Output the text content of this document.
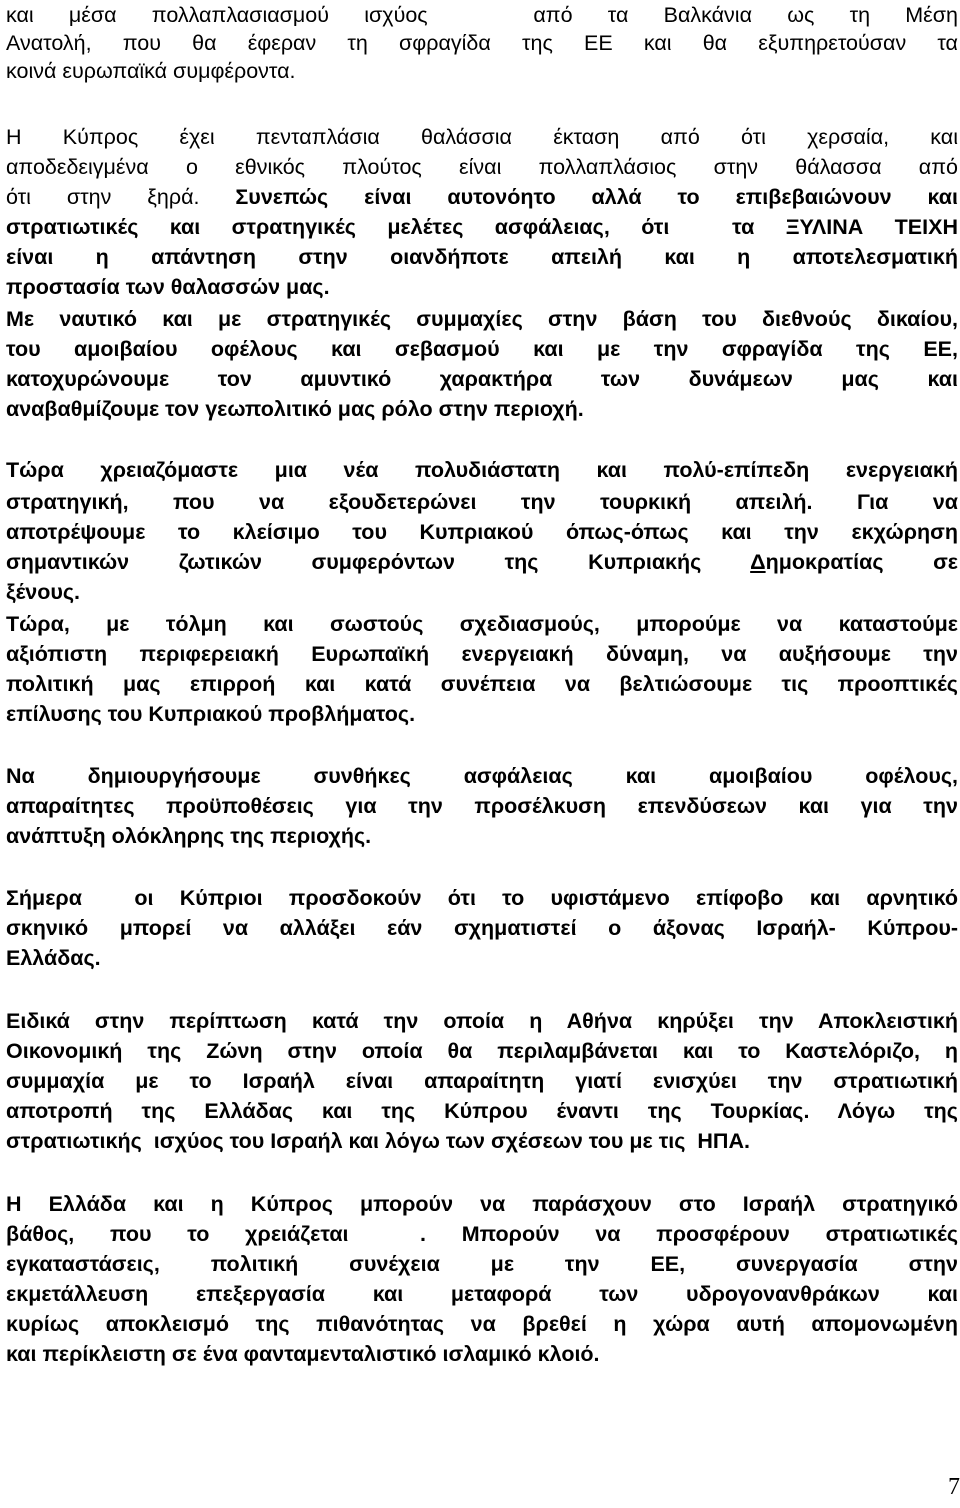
και μέσα πολλαπλασιασμού ισχύος   από τα Βαλκάνια ως τη Μέση
Ανατολή, που θα έφεραν τη σφραγίδα της ΕΕ και θα εξυπηρετούσαν τα
κοινά ευρωπαϊκά συμφέροντα.
Η Κύπρος έχει πενταπλάσια θαλάσσια έκταση από ότι χερσαία, και
αποδεδειγμένα ο εθνικός πλούτος είναι πολλαπλάσιος στην θάλασσα από
ότι στην ξηρά. Συνεπώς είναι αυτονόητο αλλά το επιβεβαιώνουν και
στρατιωτικές και στρατηγικές μελέτες ασφάλειας, ότι  τα ΞΥΛΙΝΑ ΤΕΙΧΗ
είναι η απάντηση στην οιανδήποτε απειλή και η αποτελεσματική
προστασία των θαλασσών μας.
Με ναυτικό και με στρατηγικές συμμαχίες στην βάση του διεθνούς δικαίου,
του αμοιβαίου οφέλους και σεβασμού και με την σφραγίδα της ΕΕ,
κατοχυρώνουμε τον αμυντικό χαρακτήρα των δυνάμεων μας και
αναβαθμίζουμε τον γεωπολιτικό μας ρόλο στην περιοχή.
Τώρα χρειαζόμαστε μια νέα πολυδιάστατη και πολύ-επίπεδη ενεργειακή
στρατηγική, που να εξουδετερώνει την τουρκική απειλή. Για να
αποτρέψουμε το κλείσιμο του Κυπριακού όπως-όπως και την εκχώρηση
σημαντικών ζωτικών συμφερόντων της Κυπριακής Δημοκρατίας σε
ξένους.
Τώρα, με τόλμη και σωστούς σχεδιασμούς, μπορούμε να καταστούμε
αξιόπιστη περιφερειακή Ευρωπαϊκή ενεργειακή δύναμη, να αυξήσουμε την
πολιτική μας επιρροή και κατά συνέπεια να βελτιώσουμε τις προοπτικές
επίλυσης του Κυπριακού προβλήματος.
Να δημιουργήσουμε συνθήκες ασφάλειας και αμοιβαίου οφέλους,
απαραίτητες προϋποθέσεις για την προσέλκυση επενδύσεων και για την
ανάπτυξη ολόκληρης της περιοχής.
Σήμερα  οι Κύπριοι προσδοκούν ότι το υφιστάμενο επίφοβο και αρνητικό
σκηνικό μπορεί να αλλάξει εάν σχηματιστεί ο άξονας Ισραήλ- Κύπρου-
Ελλάδας.
Ειδικά στην περίπτωση κατά την οποία η Αθήνα κηρύξει την Αποκλειστική
Οικονομική της Ζώνη στην οποία θα περιλαμβάνεται και το Καστελόριζο, η
συμμαχία με το Ισραήλ είναι απαραίτητη γιατί ενισχύει την στρατιωτική
αποτροπή της Ελλάδας και της Κύπρου έναντι της Τουρκίας. Λόγω της
στρατιωτικής  ισχύος του Ισραήλ και λόγω των σχέσεων του με τις  ΗΠΑ.
Η Ελλάδα και η Κύπρος μπορούν να παράσχουν στο Ισραήλ στρατηγικό
βάθος, που το χρειάζεται  . Μπορούν να προσφέρουν στρατιωτικές
εγκαταστάσεις, πολιτική συνέχεια με την ΕΕ, συνεργασία στην
εκμετάλλευση επεξεργασία και μεταφορά των υδρογονανθράκων και
κυρίως αποκλεισμό της πιθανότητας να βρεθεί η χώρα αυτή απομονωμένη
και περίκλειστη σε ένα φανταμενταλιστικό ισλαμικό κλοιό.
7
